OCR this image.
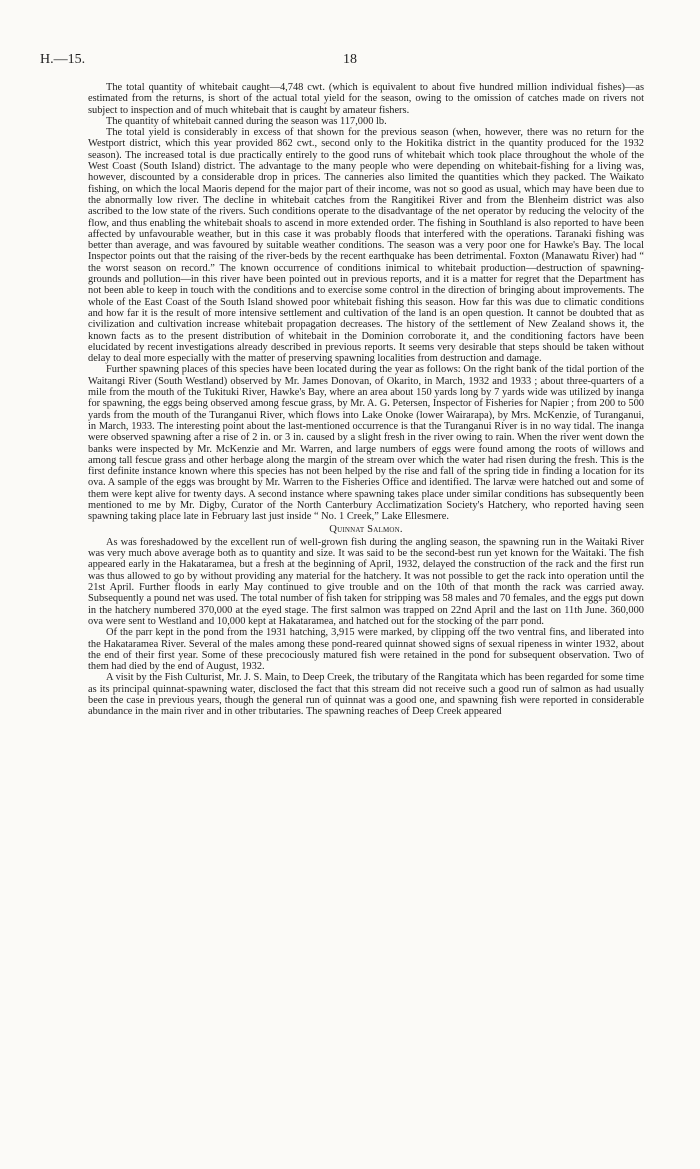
H.—15.	18

The total quantity of whitebait caught—4,748 cwt. (which is equivalent to about five hundred million individual fishes)—as estimated from the returns, is short of the actual total yield for the season, owing to the omission of catches made on rivers not subject to inspection and of much whitebait that is caught by amateur fishers.

The quantity of whitebait canned during the season was 117,000 lb.

The total yield is considerably in excess of that shown for the previous season (when, however, there was no return for the Westport district, which this year provided 862 cwt., second only to the Hokitika district in the quantity produced for the 1932 season). The increased total is due practically entirely to the good runs of whitebait which took place throughout the whole of the West Coast (South Island) district. The advantage to the many people who were depending on whitebait-fishing for a living was, however, discounted by a considerable drop in prices. The canneries also limited the quantities which they packed. The Waikato fishing, on which the local Maoris depend for the major part of their income, was not so good as usual, which may have been due to the abnormally low river. The decline in whitebait catches from the Rangitikei River and from the Blenheim district was also ascribed to the low state of the rivers. Such conditions operate to the disadvantage of the net operator by reducing the velocity of the flow, and thus enabling the whitebait shoals to ascend in more extended order. The fishing in Southland is also reported to have been affected by unfavourable weather, but in this case it was probably floods that interfered with the operations. Taranaki fishing was better than average, and was favoured by suitable weather conditions. The season was a very poor one for Hawke's Bay. The local Inspector points out that the raising of the river-beds by the recent earthquake has been detrimental. Foxton (Manawatu River) had “ the worst season on record.” The known occurrence of conditions inimical to whitebait production—destruction of spawning-grounds and pollution—in this river have been pointed out in previous reports, and it is a matter for regret that the Department has not been able to keep in touch with the conditions and to exercise some control in the direction of bringing about improvements. The whole of the East Coast of the South Island showed poor whitebait fishing this season. How far this was due to climatic conditions and how far it is the result of more intensive settlement and cultivation of the land is an open question. It cannot be doubted that as civilization and cultivation increase whitebait propagation decreases. The history of the settlement of New Zealand shows it, the known facts as to the present distribution of whitebait in the Dominion corroborate it, and the conditioning factors have been elucidated by recent investigations already described in previous reports. It seems very desirable that steps should be taken without delay to deal more especially with the matter of preserving spawning localities from destruction and damage.

Further spawning places of this species have been located during the year as follows: On the right bank of the tidal portion of the Waitangi River (South Westland) observed by Mr. James Donovan, of Okarito, in March, 1932 and 1933 ; about three-quarters of a mile from the mouth of the Tukituki River, Hawke's Bay, where an area about 150 yards long by 7 yards wide was utilized by inanga for spawning, the eggs being observed among fescue grass, by Mr. A. G. Petersen, Inspector of Fisheries for Napier ; from 200 to 500 yards from the mouth of the Turanganui River, which flows into Lake Onoke (lower Wairarapa), by Mrs. McKenzie, of Turanganui, in March, 1933. The interesting point about the last-mentioned occurrence is that the Turanganui River is in no way tidal. The inanga were observed spawning after a rise of 2 in. or 3 in. caused by a slight fresh in the river owing to rain. When the river went down the banks were inspected by Mr. McKenzie and Mr. Warren, and large numbers of eggs were found among the roots of willows and among tall fescue grass and other herbage along the margin of the stream over which the water had risen during the fresh. This is the first definite instance known where this species has not been helped by the rise and fall of the spring tide in finding a location for its ova. A sample of the eggs was brought by Mr. Warren to the Fisheries Office and identified. The larvæ were hatched out and some of them were kept alive for twenty days. A second instance where spawning takes place under similar conditions has subsequently been mentioned to me by Mr. Digby, Curator of the North Canterbury Acclimatization Society's Hatchery, who reported having seen spawning taking place late in February last just inside “ No. 1 Creek,” Lake Ellesmere.

Quinnat Salmon.

As was foreshadowed by the excellent run of well-grown fish during the angling season, the spawning run in the Waitaki River was very much above average both as to quantity and size. It was said to be the second-best run yet known for the Waitaki. The fish appeared early in the Hakataramea, but a fresh at the beginning of April, 1932, delayed the construction of the rack and the first run was thus allowed to go by without providing any material for the hatchery. It was not possible to get the rack into operation until the 21st April. Further floods in early May continued to give trouble and on the 10th of that month the rack was carried away. Subsequently a pound net was used. The total number of fish taken for stripping was 58 males and 70 females, and the eggs put down in the hatchery numbered 370,000 at the eyed stage. The first salmon was trapped on 22nd April and the last on 11th June. 360,000 ova were sent to Westland and 10,000 kept at Hakataramea, and hatched out for the stocking of the parr pond.

Of the parr kept in the pond from the 1931 hatching, 3,915 were marked, by clipping off the two ventral fins, and liberated into the Hakataramea River. Several of the males among these pond-reared quinnat showed signs of sexual ripeness in winter 1932, about the end of their first year. Some of these precociously matured fish were retained in the pond for subsequent observation. Two of them had died by the end of August, 1932.

A visit by the Fish Culturist, Mr. J. S. Main, to Deep Creek, the tributary of the Rangitata which has been regarded for some time as its principal quinnat-spawning water, disclosed the fact that this stream did not receive such a good run of salmon as had usually been the case in previous years, though the general run of quinnat was a good one, and spawning fish were reported in considerable abundance in the main river and in other tributaries. The spawning reaches of Deep Creek appeared
